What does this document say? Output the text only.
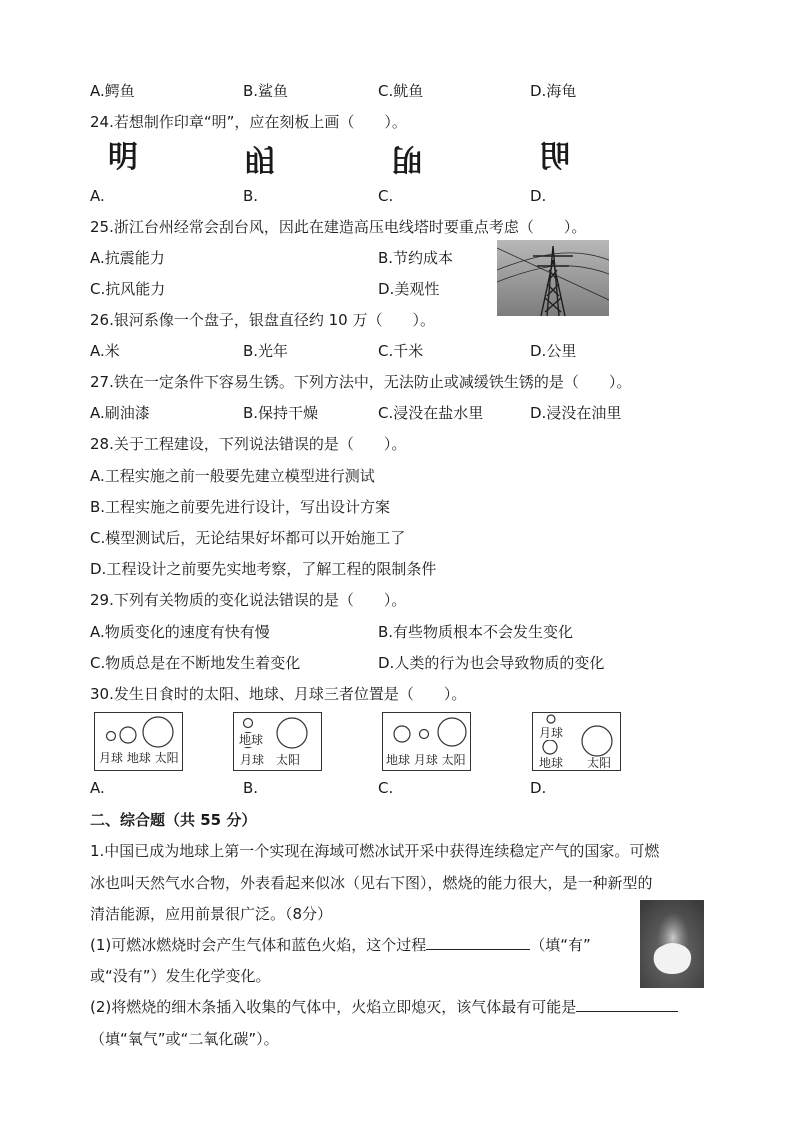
A.鳄鱼	B.鲨鱼	C.鱿鱼	D.海龟
24.若想制作印章“明”，应在刻板上画（　　）。
明	明	明	明
A.	B.	C.	D.
25.浙江台州经常会刮台风，因此在建造高压电线塔时要重点考虑（　　）。
A.抗震能力	B.节约成本
C.抗风能力	D.美观性
26.银河系像一个盘子，银盘直径约 10 万（　　）。
A.米	B.光年	C.千米	D.公里
27.铁在一定条件下容易生锈。下列方法中，无法防止或减缓铁生锈的是（　　）。
A.刷油漆	B.保持干燥	C.浸没在盐水里	D.浸没在油里
28.关于工程建设，下列说法错误的是（　　）。
A.工程实施之前一般要先建立模型进行测试
B.工程实施之前要先进行设计，写出设计方案
C.模型测试后，无论结果好坏都可以开始施工了
D.工程设计之前要先实地考察，了解工程的限制条件
29.下列有关物质的变化说法错误的是（　　）。
A.物质变化的速度有快有慢	B.有些物质根本不会发生变化
C.物质总是在不断地发生着变化	D.人类的行为也会导致物质的变化
30.发生日食时的太阳、地球、月球三者位置是（　　）。
月球 地球 太阳
地球
月球　太阳	地球 月球 太阳
月球
地球　　太阳
A.	B.	C.	D.
二、综合题（共 55 分）
1.中国已成为地球上第一个实现在海域可燃冰试开采中获得连续稳定产气的国家。可燃
冰也叫天然气水合物，外表看起来似冰（见右下图），燃烧的能力很大，是一种新型的
清洁能源，应用前景很广泛。（8分）
(1)可燃冰燃烧时会产生气体和蓝色火焰，这个过程	（填“有”
或“没有”）发生化学变化。
(2)将燃烧的细木条插入收集的气体中，火焰立即熄灭，该气体最有可能是
（填“氧气”或“二氧化碳”）。
